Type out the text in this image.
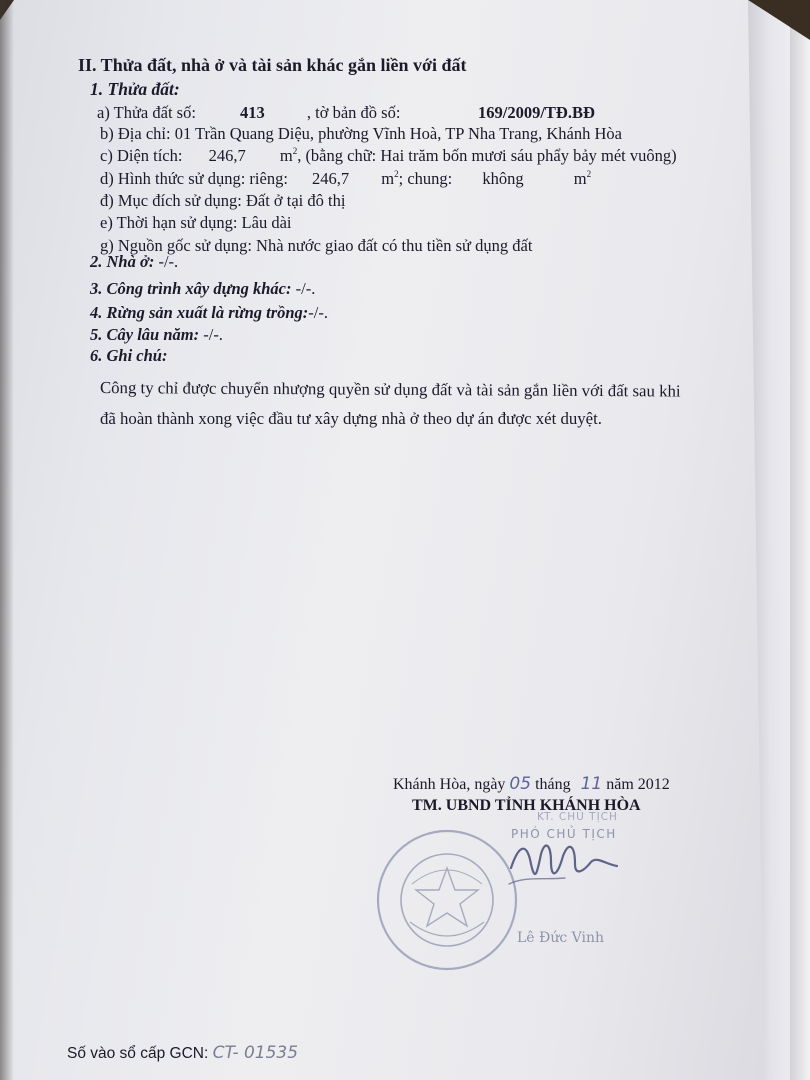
II. Thửa đất, nhà ở và tài sản khác gắn liền với đất
1. Thửa đất:
a) Thửa đất số:	413	, tờ bản đồ số:	169/2009/TĐ.BĐ
b) Địa chỉ: 01 Trần Quang Diệu, phường Vĩnh Hoà, TP Nha Trang, Khánh Hòa
c) Diện tích: 246,7 $m^2$, (bằng chữ: Hai trăm bốn mươi sáu phẩy bảy mét vuông)
d) Hình thức sử dụng: riêng: 246,7 $m^2$; chung: không	$m^2$
đ) Mục đích sử dụng: Đất ở tại đô thị
e) Thời hạn sử dụng: Lâu dài
g) Nguồn gốc sử dụng: Nhà nước giao đất có thu tiền sử dụng đất
2. Nhà ở: -/-.
3. Công trình xây dựng khác: -/-.
4. Rừng sản xuất là rừng trồng:-/-.
5. Cây lâu năm: -/-.
6. Ghi chú:
Công ty chỉ được chuyển nhượng quyền sử dụng đất và tài sản gắn liền với đất sau khi
đã hoàn thành xong việc đầu tư xây dựng nhà ở theo dự án được xét duyệt.
Khánh Hòa, ngày 05 tháng 11 năm 2012
TM. UBND TỈNH KHÁNH HÒA
KT. CHỦ TỊCH
PHÓ CHỦ TỊCH
Lê Đức Vinh
Số vào sổ cấp GCN: CT- 01535
